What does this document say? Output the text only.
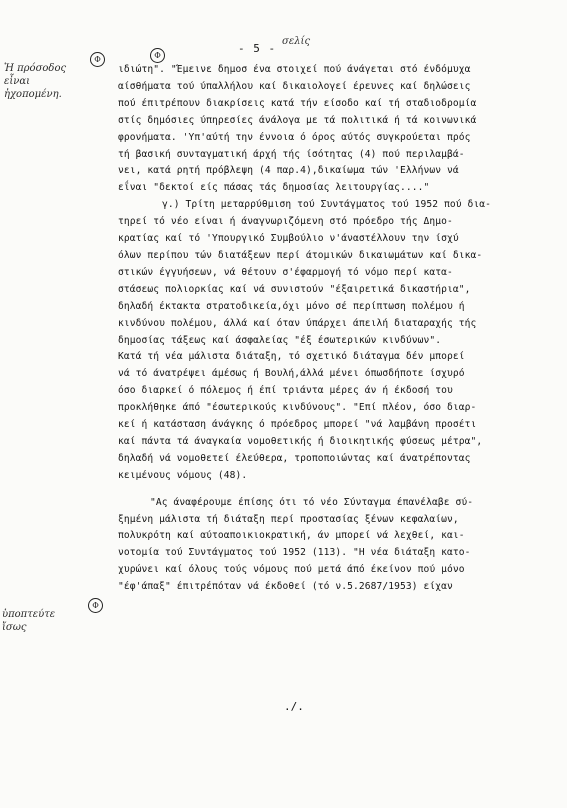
- 5 -
σελίς
Φ	Φ
Φ
Ἡ πρόσοδος εἶναι ἠχοπομένη.
ὑποπτεύτε ἴσως
ιδιώτη". "Έμεινε δημοσ ένα στοιχεί πού άνάγεται στό ένδόμυχα
αίσθήματα τού ύπαλλήλου καί δικαιολογεί έρευνες καί δηλώσεις
πού έπιτρέπουν διακρίσεις κατά τήν είσοδο καί τή σταδιοδρομία
στίς δημόσιες ύπηρεσίες άνάλογα με τά πολιτικά ή τά κοινωνικά
φρονήματα. 'Υπ'αύτή την έννοια ό όρος αύτός συγκρούεται πρός
τή βασική συνταγματική άρχή τής ίσότητας (4) πού περιλαμβά-
νει, κατά ρητή πρόβλεψη (4 παρ.4),δικαίωμα τών 'Ελλήνων νά
εΐναι "δεκτοί είς πάσας τάς δημοσίας λειτουργίας...."
γ.) Τρίτη μεταρρύθμιση τού Συντάγματος τού 1952 πού δια-
τηρεί τό νέο είναι ή άναγνωριζόμενη στό πρόεδρο τής Δημο-
κρατίας καί τό 'Υπουργικό Συμβούλιο ν'άναστέλλουν την ίσχύ
όλων περίπου τών διατάξεων περί άτομικών δικαιωμάτων καί δικα-
στικών έγγυήσεων, νά θέτουν σ'έφαρμογή τό νόμο περί κατα-
στάσεως πολιορκίας καί νά συνιστούν "έξαιρετικά δικαστήρια",
δηλαδή έκτακτα στρατοδικεία,όχι μόνο σέ περίπτωση πολέμου ή
κινδύνου πολέμου, άλλά καί όταν ύπάρχει άπειλή διαταραχής τής
δημοσίας τάξεως καί άσφαλείας "έξ έσωτερικών κινδύνων".
Κατά τή νέα μάλιστα διάταξη, τό σχετικό διάταγμα δέν μπορεί
νά τό άνατρέψει άμέσως ή Βουλή,άλλά μένει όπωσδήποτε ίσχυρό
όσο διαρκεί ό πόλεμος ή έπί τριάντα μέρες άν ή έκδοσή του
προκλήθηκε άπό "έσωτερικούς κινδύνους". "Επί πλέον, όσο διαρ-
κεί ή κατάσταση άνάγκης ό πρόεδρος μπορεί "νά λαμβάνη προσέτι
καί πάντα τά άναγκαία νομοθετικής ή διοικητικής φύσεως μέτρα",
δηλαδή νά νομοθετεί έλεύθερα, τροποποιώντας καί άνατρέποντας
κειμένους νόμους (48).
"Ας άναφέρουμε έπίσης ότι τό νέο Σύνταγμα έπανέλαβε σύ-
ξημένη μάλιστα τή διάταξη περί προστασίας ξένων κεφαλαίων,
πολυκρότη καί αύτοαποικιοκρατική, άν μπορεί νά λεχθεί, και-
νοτομία τού Συντάγματος τού 1952 (113). "Η νέα διάταξη κατο-
χυρώνει καί όλους τούς νόμους πού μετά άπό έκείνον πού μόνο
"έφ'άπαξ" έπιτρέπόταν νά έκδοθεί (τό ν.5.2687/1953) είχαν
./.
